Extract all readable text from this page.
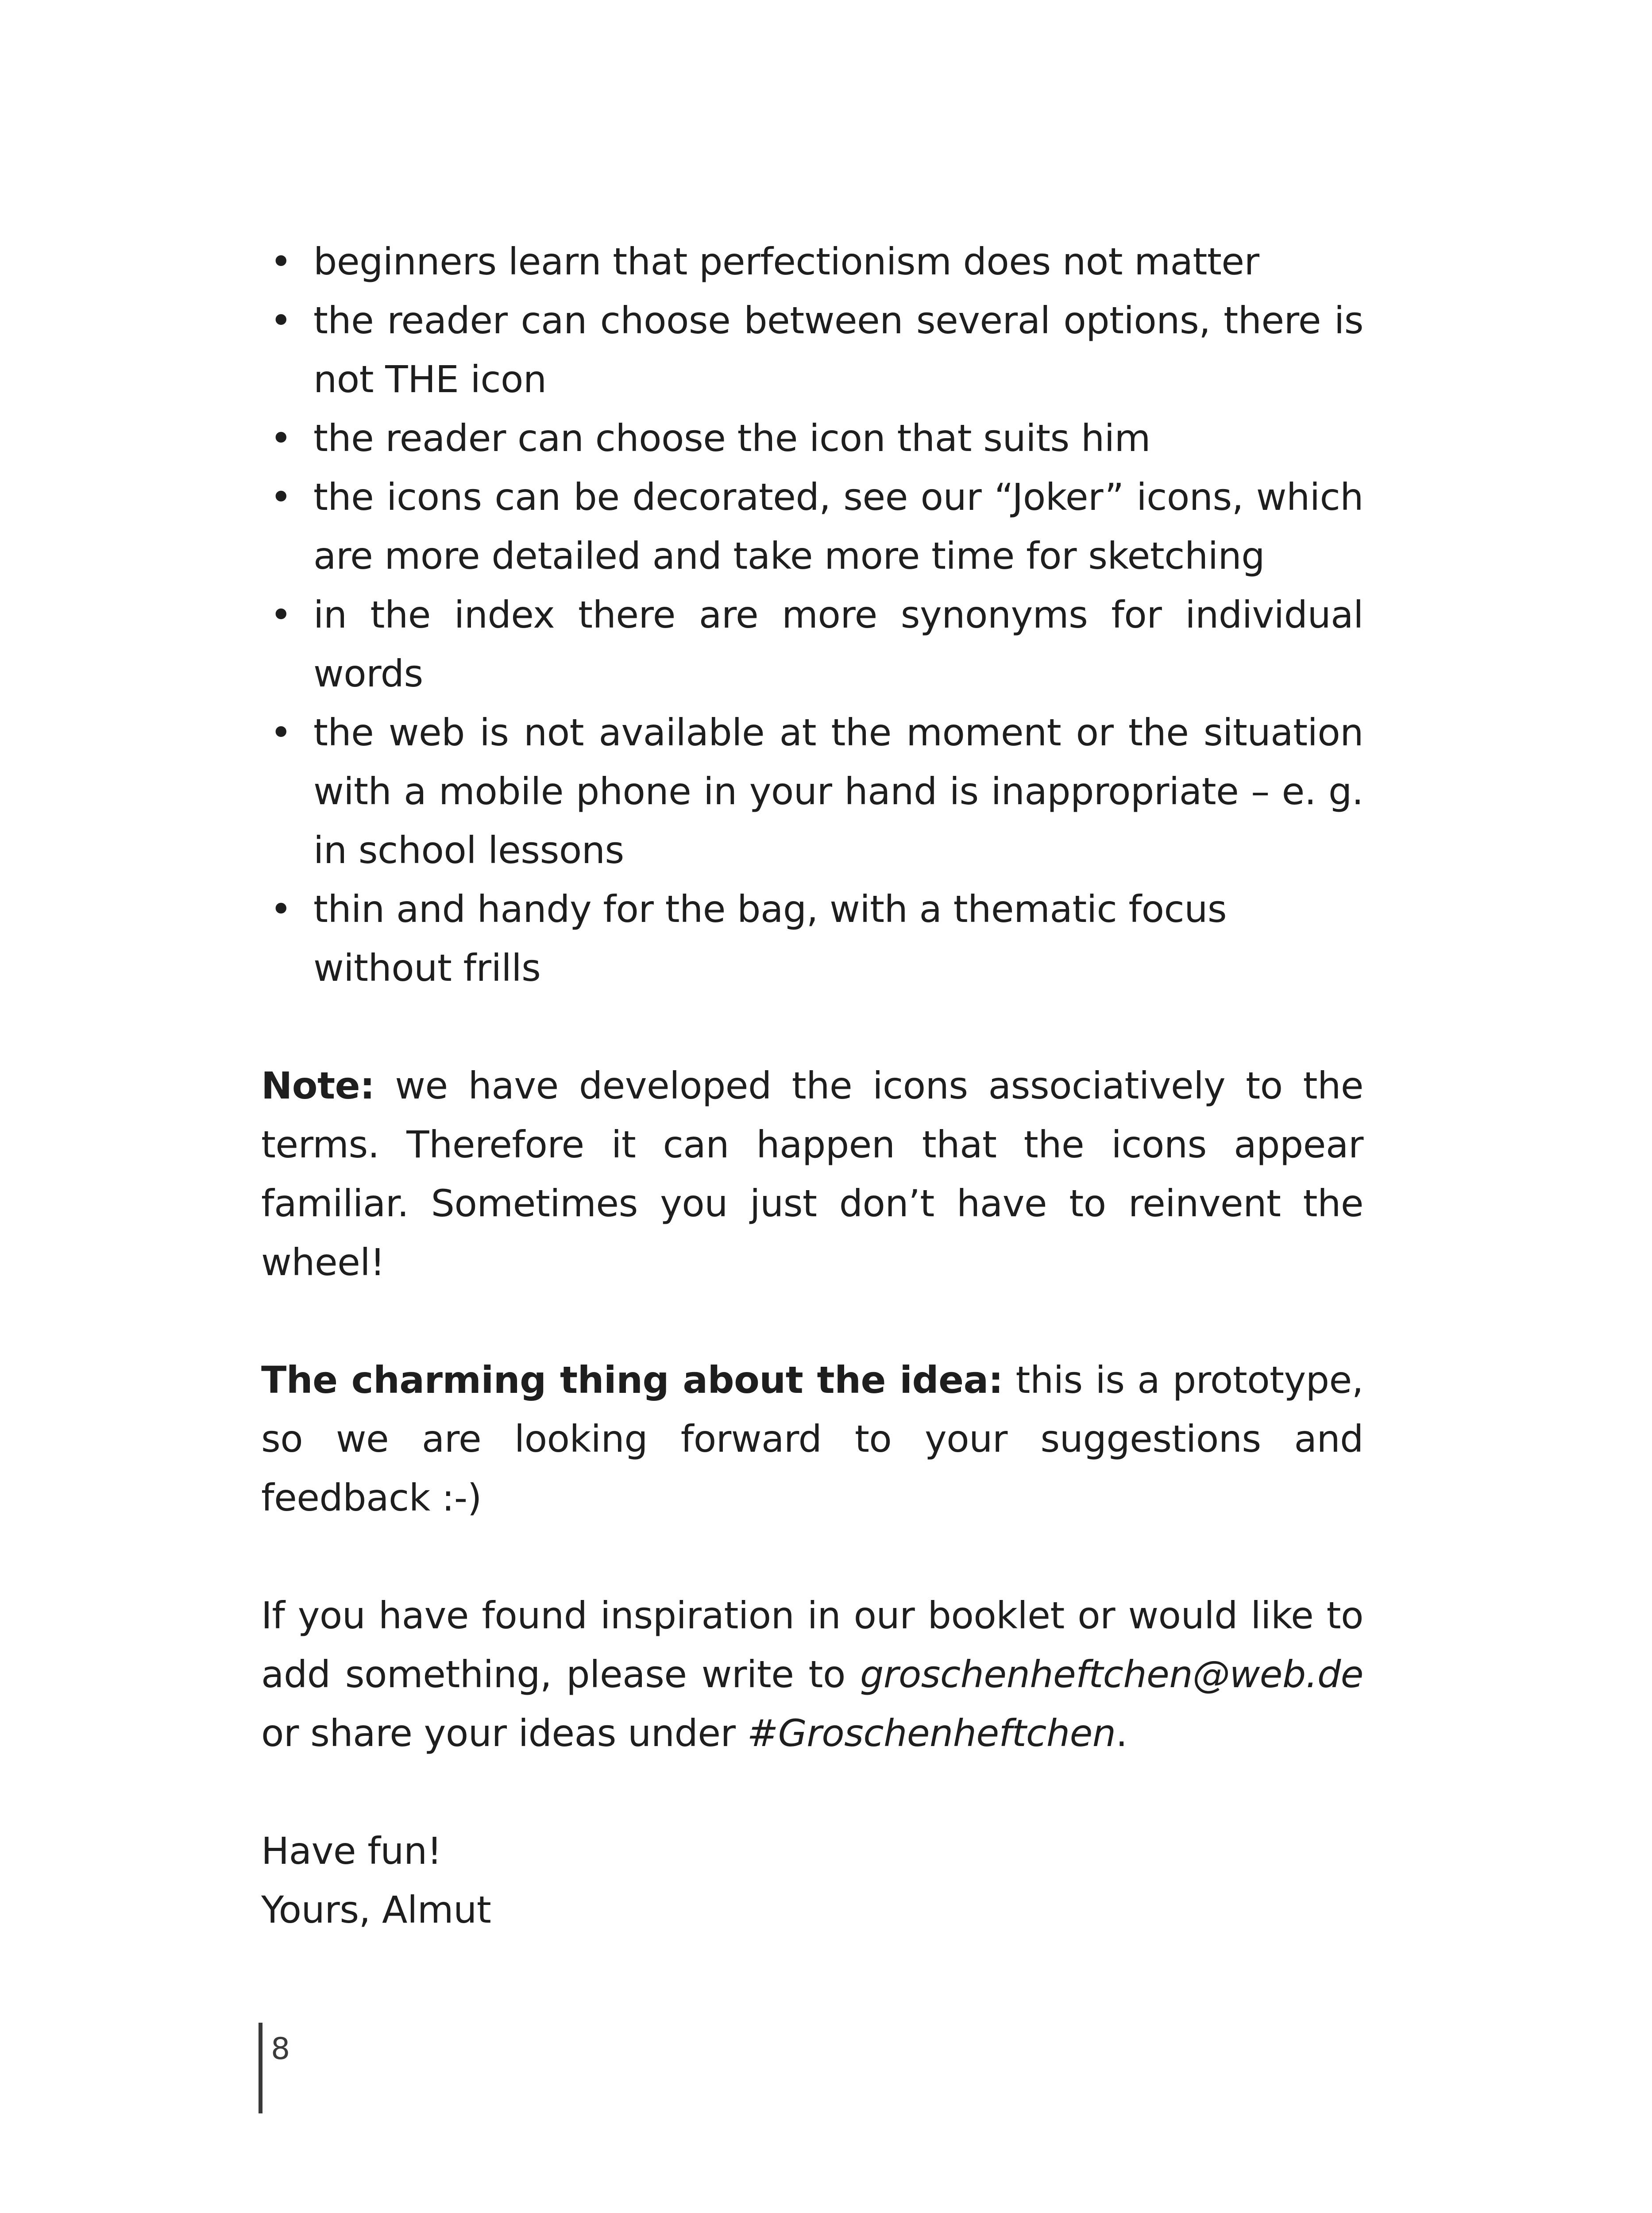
• beginners learn that perfectionism does not matter
• the reader can choose between several options, there is not THE icon
• the reader can choose the icon that suits him
• the icons can be decorated, see our “Joker” icons, which are more detailed and take more time for sketching
• in the index there are more synonyms for individual words
• the web is not available at the moment or the situation with a mobile phone in your hand is inappropriate – e. g. in school lessons
• thin and handy for the bag, with a thematic focus without frills

Note: we have developed the icons associatively to the terms. Therefore it can happen that the icons appear familiar. Sometimes you just don’t have to reinvent the wheel!

The charming thing about the idea: this is a prototype, so we are looking forward to your suggestions and feedback :-)

If you have found inspiration in our booklet or would like to add something, please write to groschenheftchen@web.de or share your ideas under #Groschenheftchen.

Have fun!

Yours, Almut

8
